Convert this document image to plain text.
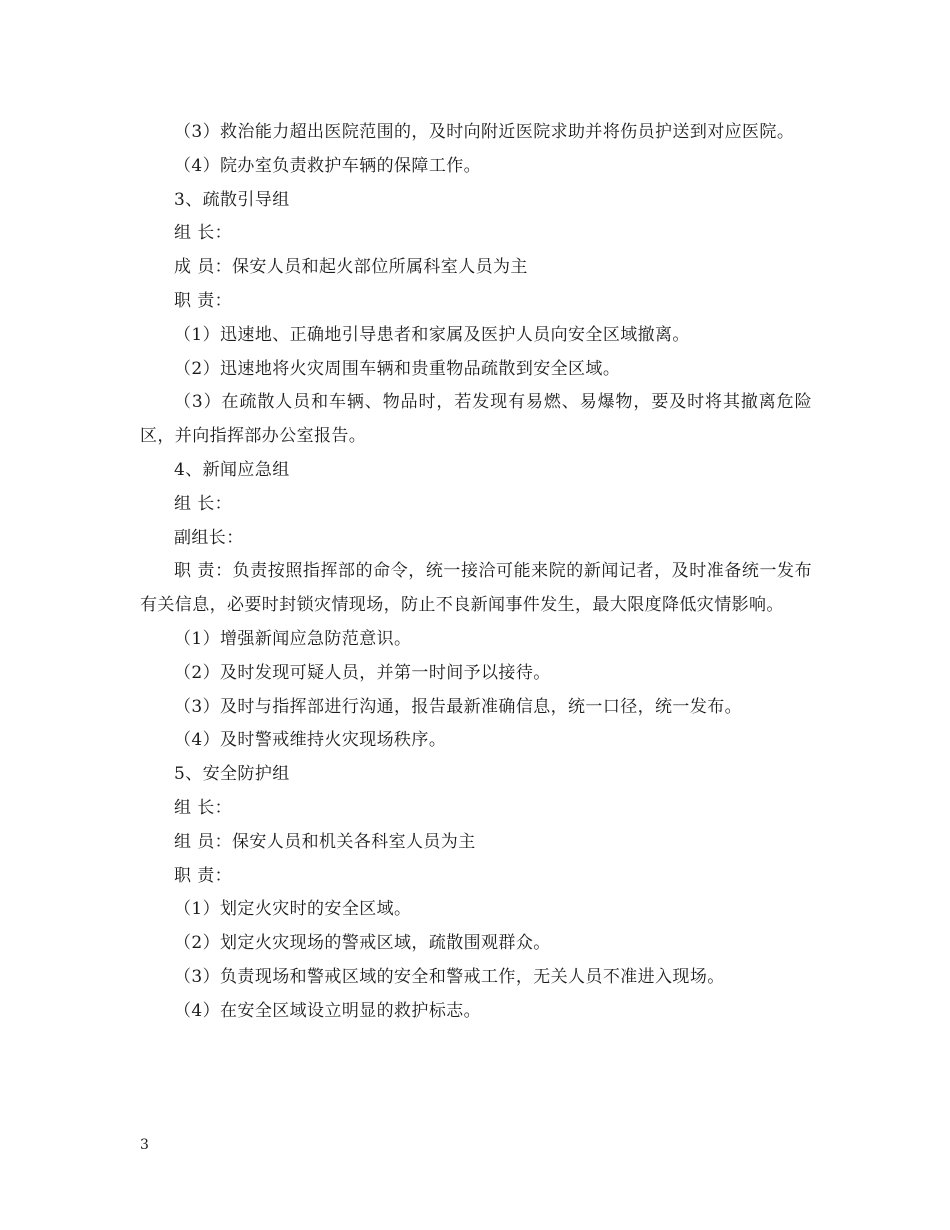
（3）救治能力超出医院范围的，及时向附近医院求助并将伤员护送到对应医院。

（4）院办室负责救护车辆的保障工作。

3、疏散引导组

组 长：

成 员：保安人员和起火部位所属科室人员为主

职 责：

（1）迅速地、正确地引导患者和家属及医护人员向安全区域撤离。

（2）迅速地将火灾周围车辆和贵重物品疏散到安全区域。

（3）在疏散人员和车辆、物品时，若发现有易燃、易爆物，要及时将其撤离危险区，并向指挥部办公室报告。

4、新闻应急组

组 长：

副组长：

职 责：负责按照指挥部的命令，统一接洽可能来院的新闻记者，及时准备统一发布有关信息，必要时封锁灾情现场，防止不良新闻事件发生，最大限度降低灾情影响。

（1）增强新闻应急防范意识。

（2）及时发现可疑人员，并第一时间予以接待。

（3）及时与指挥部进行沟通，报告最新准确信息，统一口径，统一发布。

（4）及时警戒维持火灾现场秩序。

5、安全防护组

组 长：

组 员：保安人员和机关各科室人员为主

职 责：

（1）划定火灾时的安全区域。

（2）划定火灾现场的警戒区域，疏散围观群众。

（3）负责现场和警戒区域的安全和警戒工作，无关人员不准进入现场。

（4）在安全区域设立明显的救护标志。

3
